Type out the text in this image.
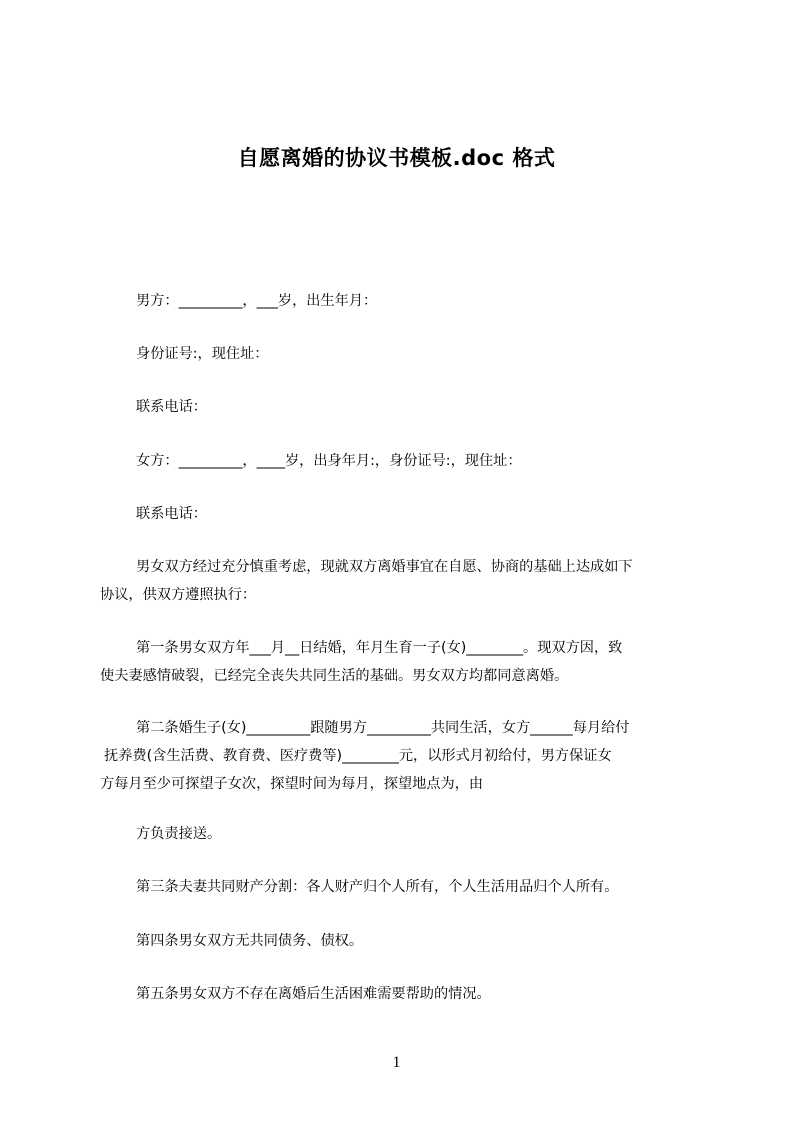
自愿离婚的协议书模板.doc 格式
男方：_________，___岁，出生年月：
身份证号:，现住址：
联系电话：
女方：_________，____岁，出身年月:，身份证号:，现住址：
联系电话：
男女双方经过充分慎重考虑，现就双方离婚事宜在自愿、协商的基础上达成如下
协议，供双方遵照执行：
第一条男女双方年___月__日结婚，年月生育一子(女)________。现双方因，致
使夫妻感情破裂，已经完全丧失共同生活的基础。男女双方均都同意离婚。
第二条婚生子(女)_________跟随男方_________共同生活，女方______每月给付
抚养费(含生活费、教育费、医疗费等)________元，以形式月初给付，男方保证女
方每月至少可探望子女次，探望时间为每月，探望地点为，由
方负责接送。
第三条夫妻共同财产分割：各人财产归个人所有，个人生活用品归个人所有。
第四条男女双方无共同债务、债权。
第五条男女双方不存在离婚后生活困难需要帮助的情况。
1
